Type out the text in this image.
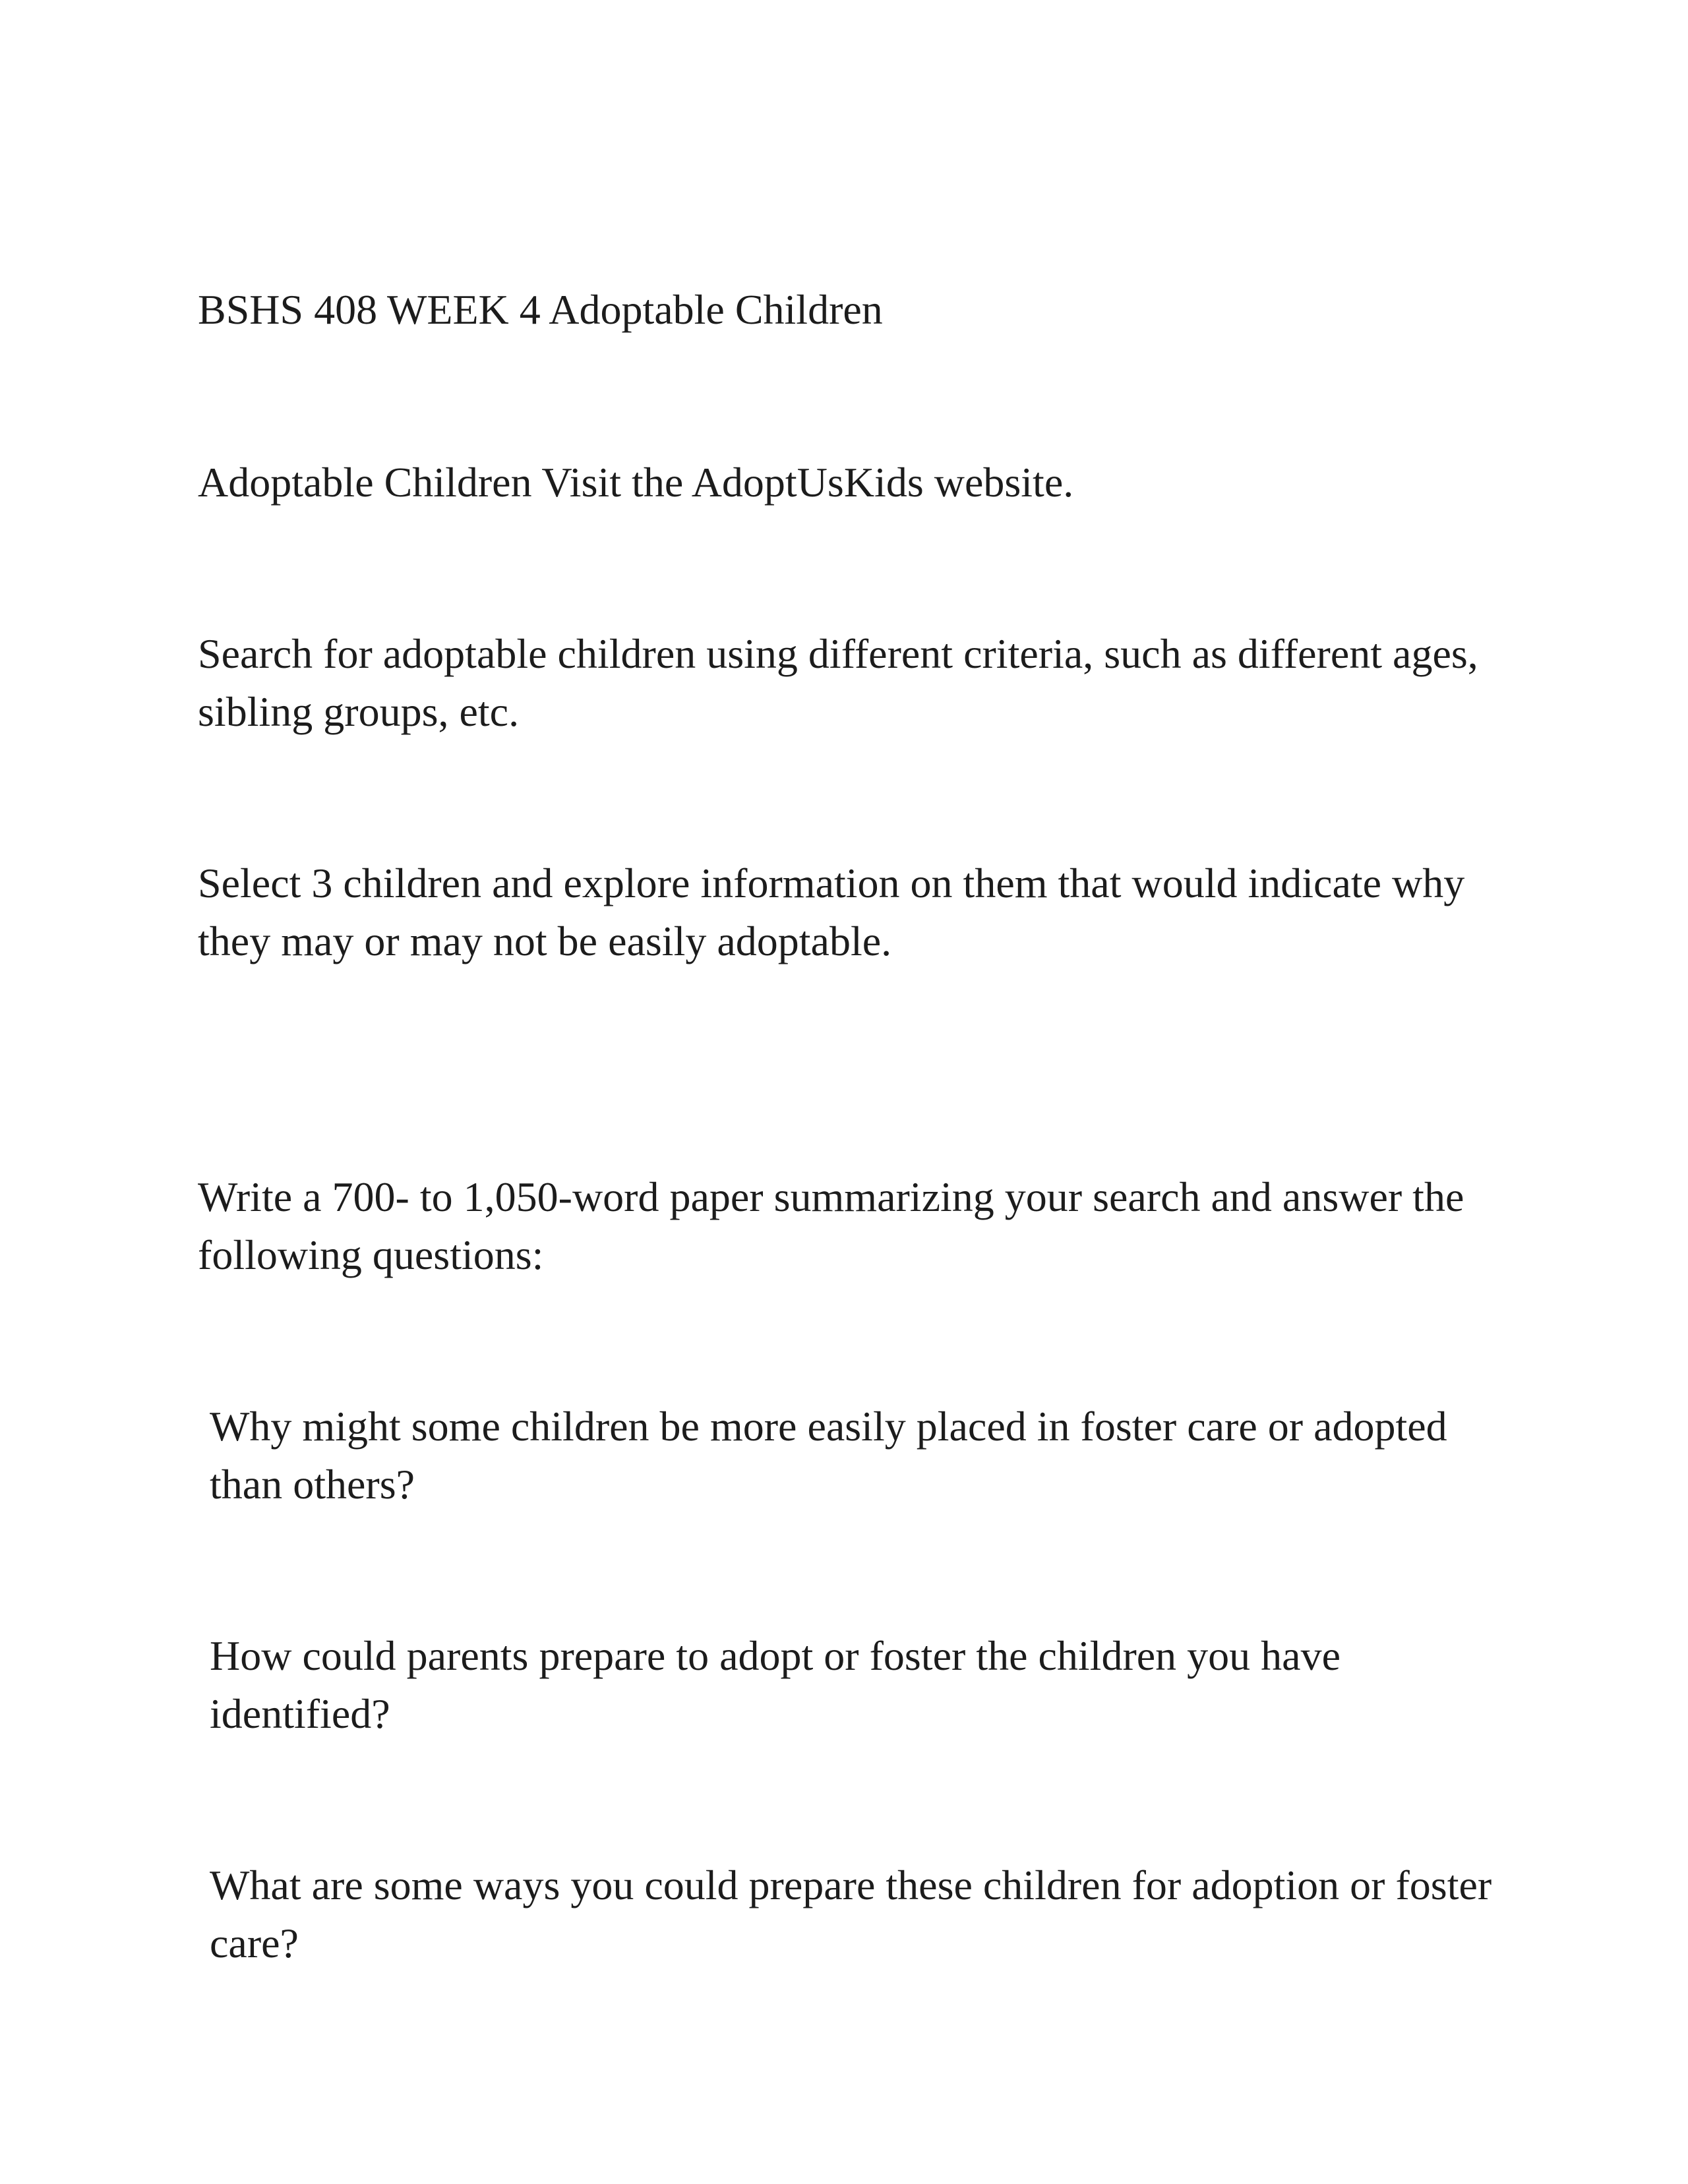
BSHS 408 WEEK 4 Adoptable Children

Adoptable Children Visit the AdoptUsKids website.

Search for adoptable children using different criteria, such as different ages, sibling groups, etc.

Select 3 children and explore information on them that would indicate why they may or may not be easily adoptable.

Write a 700- to 1,050-word paper summarizing your search and answer the following questions:

Why might some children be more easily placed in foster care or adopted than others?

How could parents prepare to adopt or foster the children you have identified?

What are some ways you could prepare these children for adoption or foster care?
